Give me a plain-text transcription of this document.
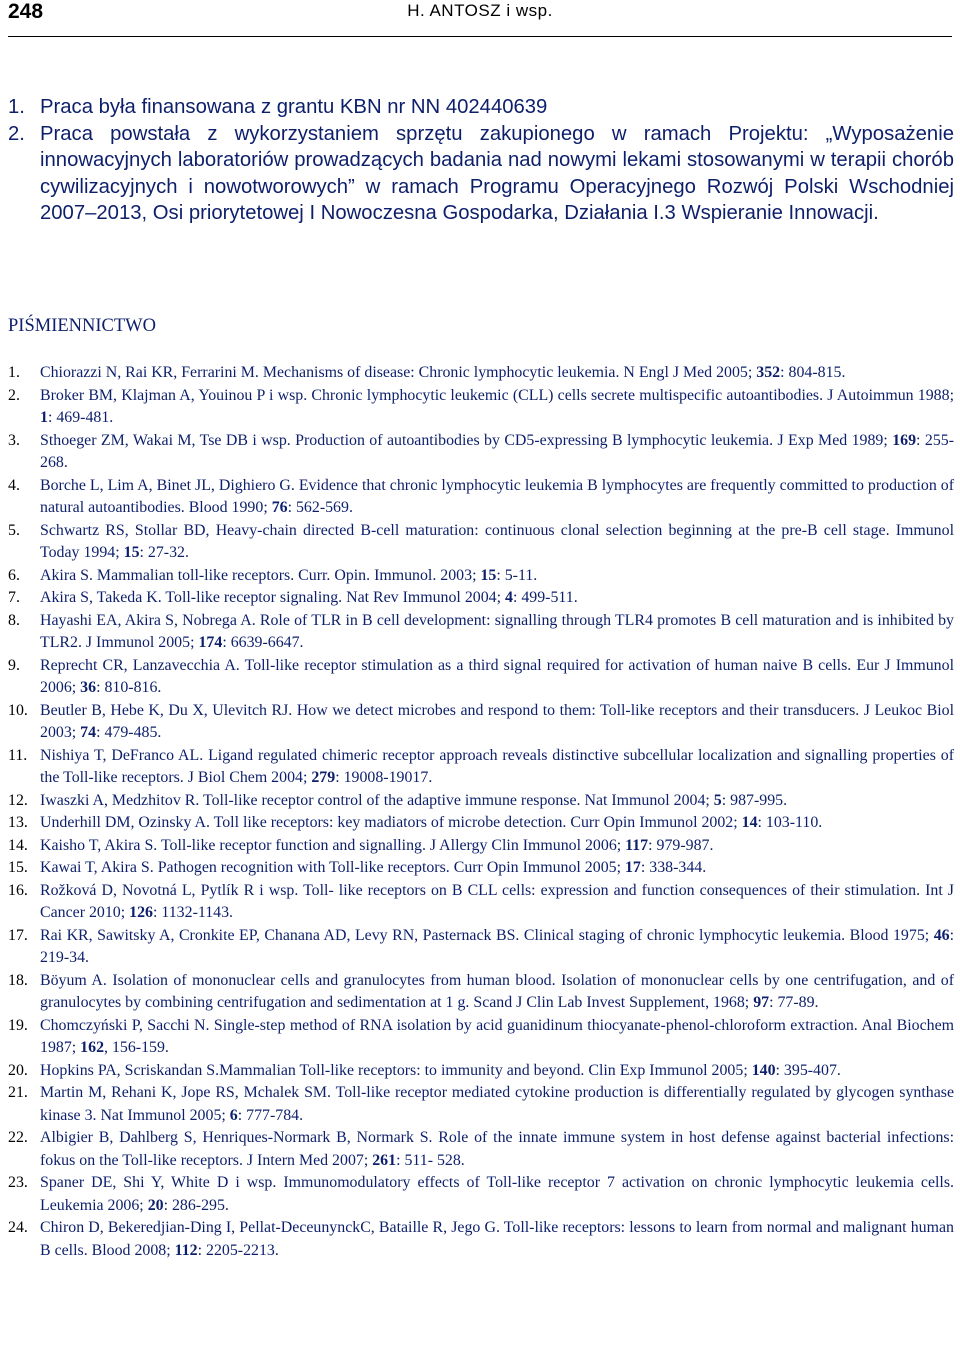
248	H. ANTOSZ i wsp.
1. Praca była finansowana z grantu KBN nr NN 402440639
2. Praca powstała z wykorzystaniem sprzętu zakupionego w ramach Projektu: „Wyposażenie innowacyjnych laboratoriów prowadzących badania nad nowymi lekami stosowanymi w terapii chorób cywilizacyjnych i nowotworowych” w ramach Programu Operacyjnego Rozwój Polski Wschodniej 2007–2013, Osi priorytetowej I Nowoczesna Gospodarka, Działania I.3 Wspieranie Innowacji.
PIŚMIENNICTWO
1. Chiorazzi N, Rai KR, Ferrarini M. Mechanisms of disease: Chronic lymphocytic leukemia. N Engl J Med 2005; 352: 804-815.
2. Broker BM, Klajman A, Youinou P i wsp. Chronic lymphocytic leukemic (CLL) cells secrete multispecific autoantibodies. J Autoimmun 1988; 1: 469-481.
3. Sthoeger ZM, Wakai M, Tse DB i wsp. Production of autoantibodies by CD5-expressing B lymphocytic leukemia. J Exp Med 1989; 169: 255-268.
4. Borche L, Lim A, Binet JL, Dighiero G. Evidence that chronic lymphocytic leukemia B lymphocytes are frequently committed to production of natural autoantibodies. Blood 1990; 76: 562-569.
5. Schwartz RS, Stollar BD, Heavy-chain directed B-cell maturation: continuous clonal selection beginning at the pre-B cell stage. Immunol Today 1994; 15: 27-32.
6. Akira S. Mammalian toll-like receptors. Curr. Opin. Immunol. 2003; 15: 5-11.
7. Akira S, Takeda K. Toll-like receptor signaling. Nat Rev Immunol 2004; 4: 499-511.
8. Hayashi EA, Akira S, Nobrega A. Role of TLR in B cell development: signalling through TLR4 promotes B cell maturation and is inhibited by TLR2. J Immunol 2005; 174: 6639-6647.
9. Reprecht CR, Lanzavecchia A. Toll-like receptor stimulation as a third signal required for activation of human naive B cells. Eur J Immunol 2006; 36: 810-816.
10. Beutler B, Hebe K, Du X, Ulevitch RJ. How we detect microbes and respond to them: Toll-like receptors and their transducers. J Leukoc Biol 2003; 74: 479-485.
11. Nishiya T, DeFranco AL. Ligand regulated chimeric receptor approach reveals distinctive subcellular localization and signalling properties of the Toll-like receptors. J Biol Chem 2004; 279: 19008-19017.
12. Iwaszki A, Medzhitov R. Toll-like receptor control of the adaptive immune response. Nat Immunol 2004; 5: 987-995.
13. Underhill DM, Ozinsky A. Toll like receptors: key madiators of microbe detection. Curr Opin Immunol 2002; 14: 103-110.
14. Kaisho T, Akira S. Toll-like receptor function and signalling. J Allergy Clin Immunol 2006; 117: 979-987.
15. Kawai T, Akira S. Pathogen recognition with Toll-like receptors. Curr Opin Immunol 2005; 17: 338-344.
16. Rožková D, Novotná L, Pytlík R i wsp. Toll- like receptors on B CLL cells: expression and function consequences of their stimulation. Int J Cancer 2010; 126: 1132-1143.
17. Rai KR, Sawitsky A, Cronkite EP, Chanana AD, Levy RN, Pasternack BS. Clinical staging of chronic lymphocytic leukemia. Blood 1975; 46: 219-34.
18. Böyum A. Isolation of mononuclear cells and granulocytes from human blood. Isolation of mononuclear cells by one centrifugation, and of granulocytes by combining centrifugation and sedimentation at 1 g. Scand J Clin Lab Invest Supplement, 1968; 97: 77-89.
19. Chomczyński P, Sacchi N. Single-step method of RNA isolation by acid guanidinum thiocyanate-phenol-chloroform extraction. Anal Biochem 1987; 162, 156-159.
20. Hopkins PA, Scriskandan S.Mammalian Toll-like receptors: to immunity and beyond. Clin Exp Immunol 2005; 140: 395-407.
21. Martin M, Rehani K, Jope RS, Mchalek SM. Toll-like receptor mediated cytokine production is differentially regulated by glycogen synthase kinase 3. Nat Immunol 2005; 6: 777-784.
22. Albigier B, Dahlberg S, Henriques-Normark B, Normark S. Role of the innate immune system in host defense against bacterial infections: fokus on the Toll-like receptors. J Intern Med 2007; 261: 511- 528.
23. Spaner DE, Shi Y, White D i wsp. Immunomodulatory effects of Toll-like receptor 7 activation on chronic lymphocytic leukemia cells. Leukemia 2006; 20: 286-295.
24. Chiron D, Bekeredjian-Ding I, Pellat-DeceunynckC, Bataille R, Jego G. Toll-like receptors: lessons to learn from normal and malignant human B cells. Blood 2008; 112: 2205-2213.
